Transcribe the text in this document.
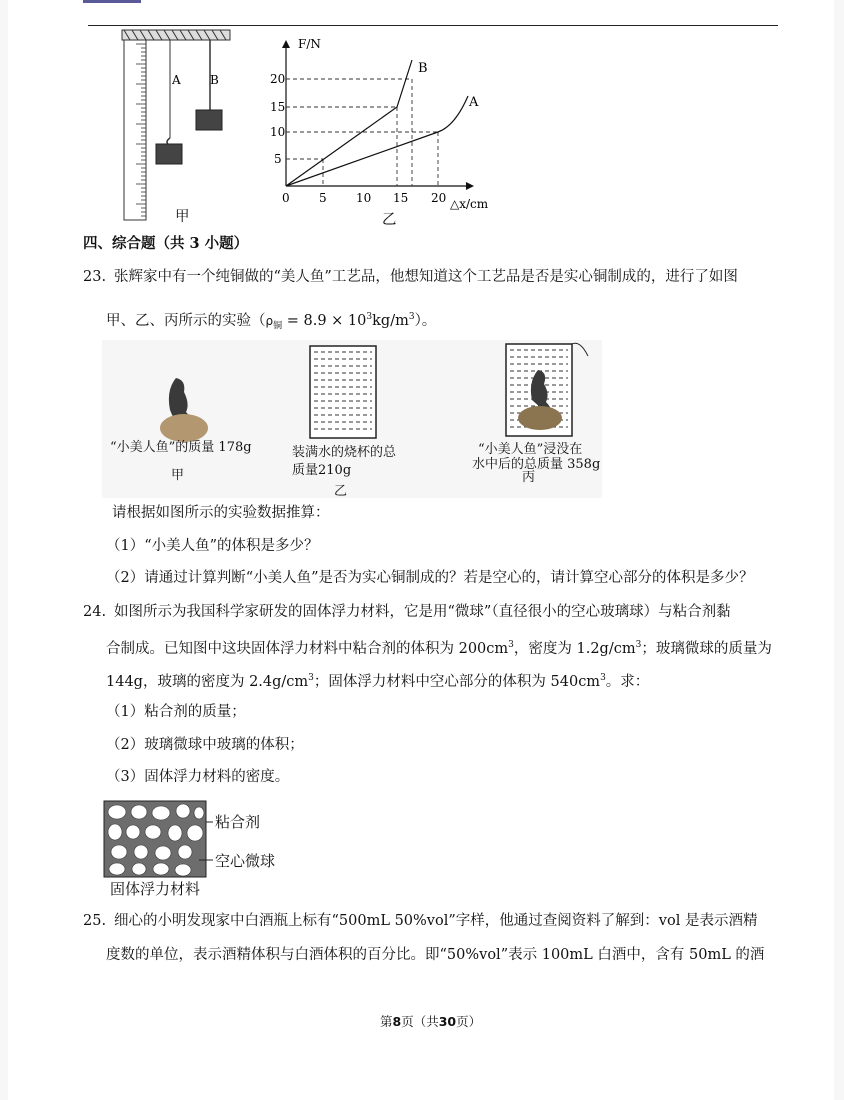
A B
甲
F/N
△x/cm
0 5 10 15 20
5
10
15
20
B
A
乙
四、综合题（共 3 小题）
23. 张辉家中有一个纯铜做的“美人鱼”工艺品，他想知道这个工艺品是否是实心铜制成的，进行了如图
甲、乙、丙所示的实验$(\rho_铜 = 8.9 \times 10^3kg/m^3)$。
“小美人鱼”的质量 178g
甲
装满水的烧杯的总
质量210g
乙
“小美人鱼”浸没在
水中后的总质量 358g
丙
请根据如图所示的实验数据推算：
（1）“小美人鱼”的体积是多少？
（2）请通过计算判断“小美人鱼”是否为实心铜制成的？若是空心的，请计算空心部分的体积是多少？
24. 如图所示为我国科学家研发的固体浮力材料，它是用“微球”（直径很小的空心玻璃球）与粘合剂黏
合制成。已知图中这块固体浮力材料中粘合剂的体积为 $200cm^3$，密度为 $1.2g/cm^3$；玻璃微球的质量为
144g，玻璃的密度为 $2.4g/cm^3$；固体浮力材料中空心部分的体积为 $540cm^3$。求：
（1）粘合剂的质量；
（2）玻璃微球中玻璃的体积；
（3）固体浮力材料的密度。
粘合剂
空心微球
固体浮力材料
25. 细心的小明发现家中白酒瓶上标有“500mL 50%vol”字样，他通过查阅资料了解到：vol 是表示酒精
度数的单位，表示酒精体积与白酒体积的百分比。即“50%vol”表示 100mL 白酒中，含有 50mL 的酒
第8页（共30页）
